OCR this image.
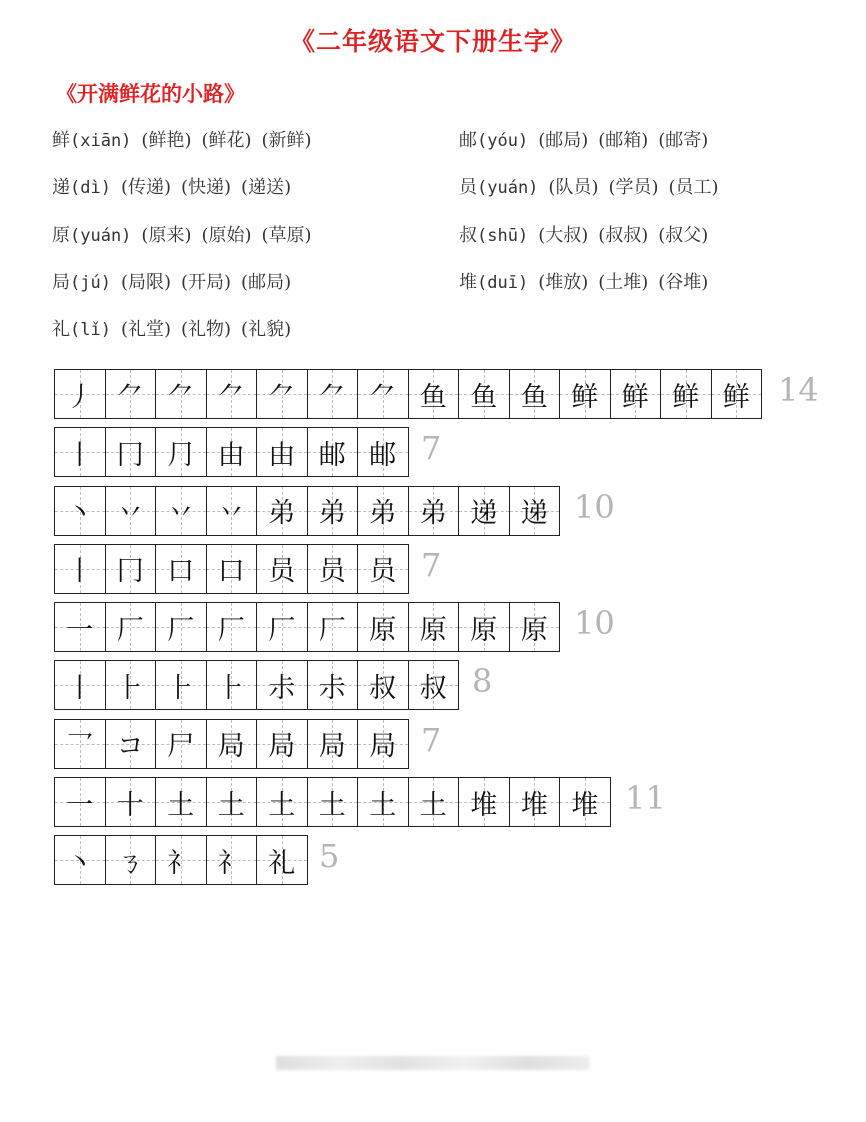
《二年级语文下册生字》
《开满鲜花的小路》
鲜(xiān) (鲜艳) (鲜花) (新鲜)	邮(yóu) (邮局) (邮箱) (邮寄)
递(dì) (传递) (快递) (递送)	员(yuán) (队员) (学员) (员工)
原(yuán) (原来) (原始) (草原)	叔(shū) (大叔) (叔叔) (叔父)
局(jú) (局限) (开局) (邮局)	堆(duī) (堆放) (土堆) (谷堆)
礼(lǐ) (礼堂) (礼物) (礼貌)
丿 ⺈ ⺈ ⺈ ⺈ ⺈ ⺈ 鱼 鱼 鱼 鲜 鲜 鲜 鲜 14
丨 冂 ⺆ 由 由 邮 邮 7
丶 丷 丷 丷 弟 弟 弟 弟 递 递 10
丨 冂 口 口 员 员 员 7
一 厂 厂 厂 厂 厂 原 原 原 原 10
丨 ⺊ ⺊ ⺊ 尗 尗 叔 叔 8
乛 コ 尸 局 局 局 局 7
一 十 土 土 土 土 土 土 堆 堆 堆 11
丶 ㄋ 礻 礻 礼 5
